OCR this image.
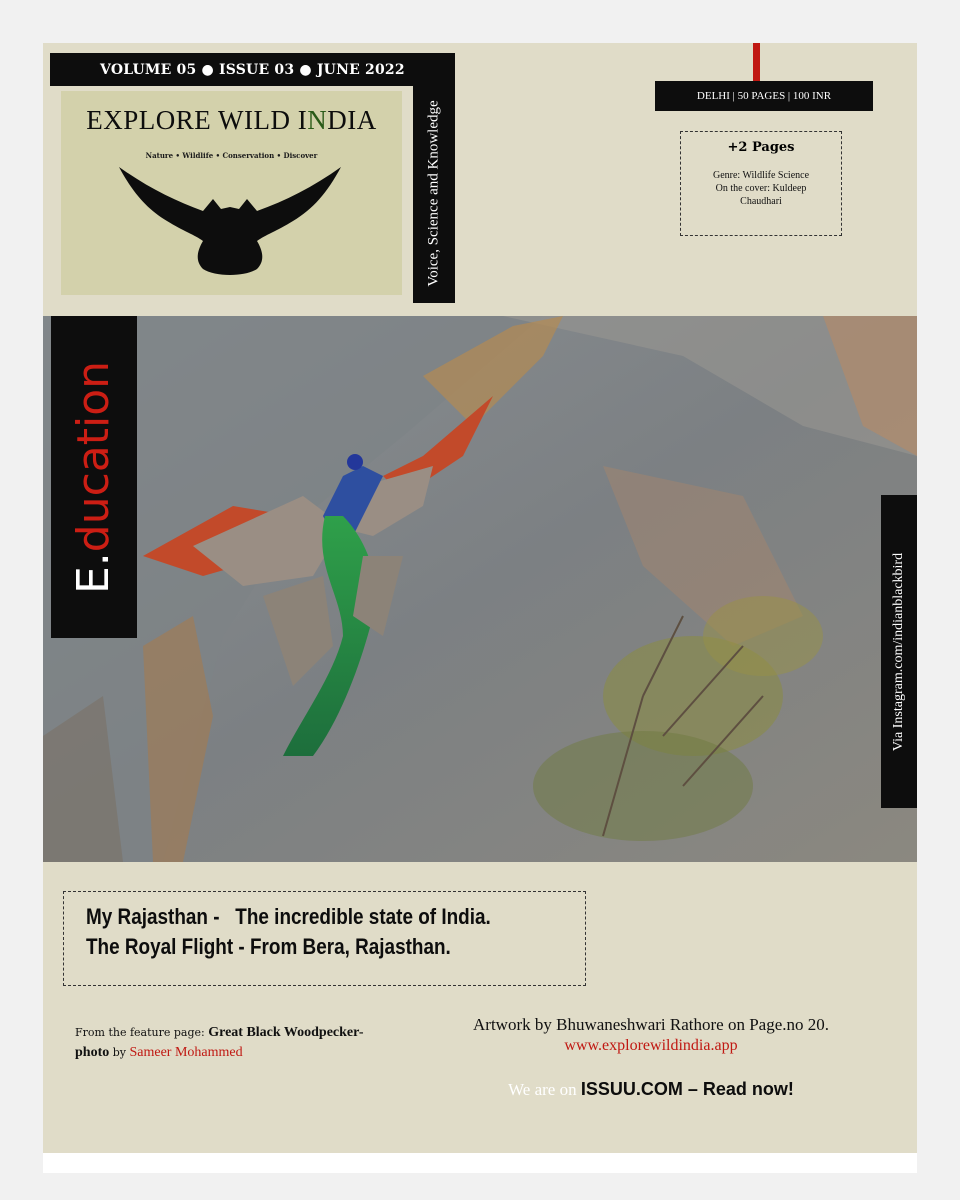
VOLUME 05 ● ISSUE 03 ● JUNE 2022
Voice, Science and Knowledge
EXPLORE WILD INDIA
Nature • Wildlife • Conservation • Discover
DELHI | 50 PAGES | 100 INR
+2 Pages
Genre: Wildlife Science
On the cover: Kuldeep
Chaudhari
E.ducation
Via Instagram.com/indianblackbird
My Rajasthan -   The incredible state of India.
The Royal Flight - From Bera, Rajasthan.
From the feature page: Great Black Woodpecker- photo by Sameer Mohammed
Artwork by Bhuwaneshwari Rathore on Page.no 20.
www.explorewildindia.app
We are on ISSUU.COM – Read now!
